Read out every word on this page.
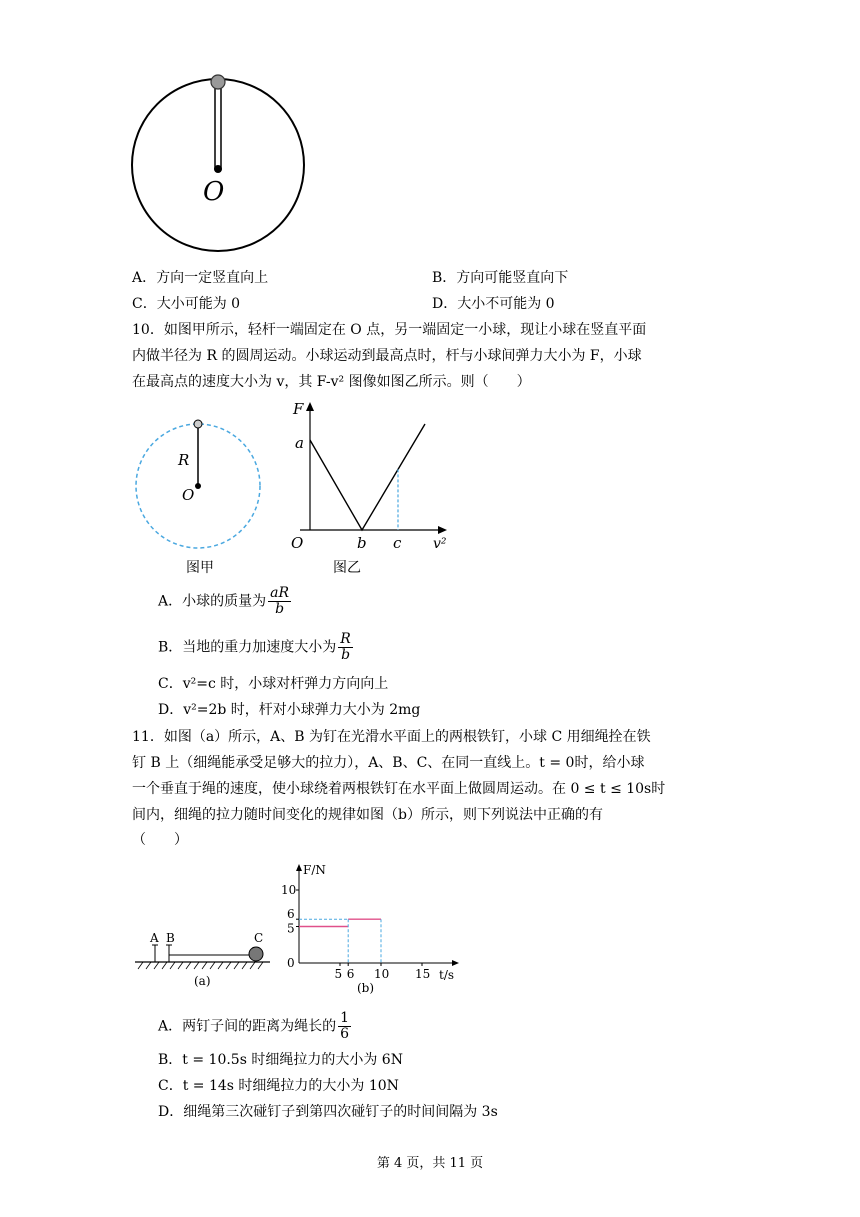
O
A．方向一定竖直向上	B．方向可能竖直向下
C．大小可能为 0	D．大小不可能为 0
10．如图甲所示，轻杆一端固定在 O 点，另一端固定一小球，现让小球在竖直平面
内做半径为 R 的圆周运动。小球运动到最高点时，杆与小球间弹力大小为 F，小球
在最高点的速度大小为 v，其 F-v² 图像如图乙所示。则（　　）
R
O
图甲
F
a
O	b c v²
图乙
A．小球的质量为 $\frac{aR}{b}$
B．当地的重力加速度大小为 $\frac{R}{b}$
C．v²=c 时，小球对杆弹力方向向上
D．v²=2b 时，杆对小球弹力大小为 2mg
11．如图（a）所示，A、B 为钉在光滑水平面上的两根铁钉，小球 C 用细绳拴在铁
钉 B 上（细绳能承受足够大的拉力），A、B、C、在同一直线上。t = 0时，给小球
一个垂直于绳的速度，使小球绕着两根铁钉在水平面上做圆周运动。在 0 ≤ t ≤ 10s时
间内，细绳的拉力随时间变化的规律如图（b）所示，则下列说法中正确的有
（　　）
A B	C
(a)
10
6
5
0
5 6 10 15
F/N
t/s
(b)
A．两钉子间的距离为绳长的 $\frac{1}{6}$
B．t = 10.5s 时细绳拉力的大小为 6N
C．t = 14s 时细绳拉力的大小为 10N
D．细绳第三次碰钉子到第四次碰钉子的时间间隔为 3s
第 4 页，共 11 页
